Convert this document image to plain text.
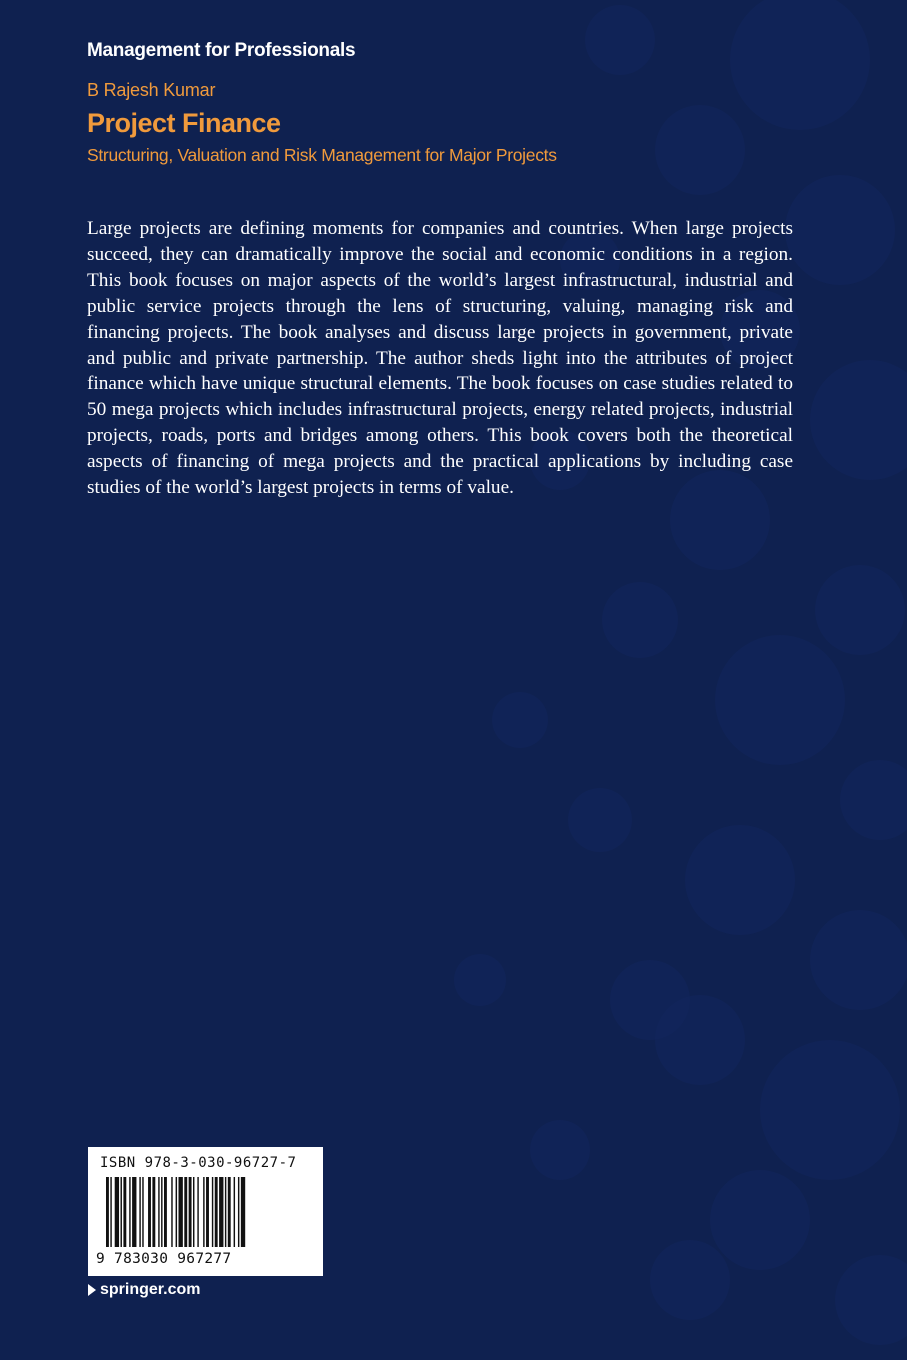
Management for Professionals
B Rajesh Kumar
Project Finance
Structuring, Valuation and Risk Management for Major Projects

Large projects are defining moments for companies and countries. When large projects succeed, they can dramatically improve the social and economic conditions in a region. This book focuses on major aspects of the world’s largest infrastructural, industrial and public service projects through the lens of structuring, valuing, managing risk and financing projects. The book analyses and discuss large projects in government, private and public and private partnership. The author sheds light into the attributes of project finance which have unique structural elements. The book focuses on case studies related to 50 mega projects which includes infrastructural projects, energy related projects, industrial projects, roads, ports and bridges among others. This book covers both the theoretical aspects of financing of mega projects and the practical applications by including case studies of the world’s largest projects in terms of value.

ISBN 978-3-030-96727-7
9 783030 967277
springer.com
